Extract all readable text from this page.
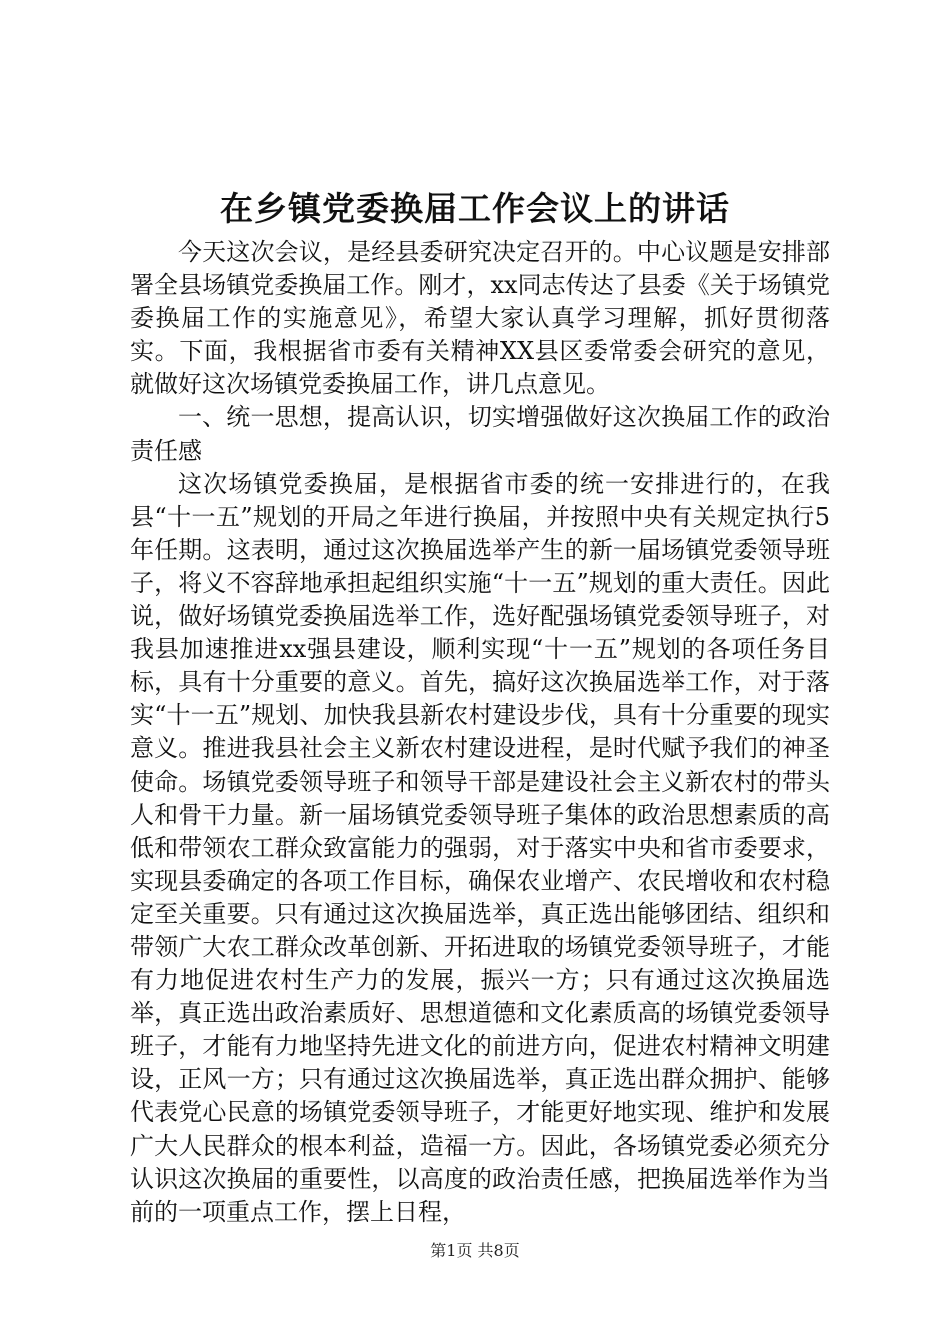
在乡镇党委换届工作会议上的讲话

今天这次会议，是经县委研究决定召开的。中心议题是安排部署全县场镇党委换届工作。刚才，xx同志传达了县委《关于场镇党委换届工作的实施意见》，希望大家认真学习理解，抓好贯彻落实。下面，我根据省市委有关精神XX县区委常委会研究的意见，就做好这次场镇党委换届工作，讲几点意见。

一、统一思想，提高认识，切实增强做好这次换届工作的政治责任感

这次场镇党委换届，是根据省市委的统一安排进行的，在我县“十一五”规划的开局之年进行换届，并按照中央有关规定执行5年任期。这表明，通过这次换届选举产生的新一届场镇党委领导班子，将义不容辞地承担起组织实施“十一五”规划的重大责任。因此说，做好场镇党委换届选举工作，选好配强场镇党委领导班子，对我县加速推进xx强县建设，顺利实现“十一五”规划的各项任务目标，具有十分重要的意义。首先，搞好这次换届选举工作，对于落实“十一五”规划、加快我县新农村建设步伐，具有十分重要的现实意义。推进我县社会主义新农村建设进程，是时代赋予我们的神圣使命。场镇党委领导班子和领导干部是建设社会主义新农村的带头人和骨干力量。新一届场镇党委领导班子集体的政治思想素质的高低和带领农工群众致富能力的强弱，对于落实中央和省市委要求，实现县委确定的各项工作目标，确保农业增产、农民增收和农村稳定至关重要。只有通过这次换届选举，真正选出能够团结、组织和带领广大农工群众改革创新、开拓进取的场镇党委领导班子，才能有力地促进农村生产力的发展，振兴一方；只有通过这次换届选举，真正选出政治素质好、思想道德和文化素质高的场镇党委领导班子，才能有力地坚持先进文化的前进方向，促进农村精神文明建设，正风一方；只有通过这次换届选举，真正选出群众拥护、能够代表党心民意的场镇党委领导班子，才能更好地实现、维护和发展广大人民群众的根本利益，造福一方。因此，各场镇党委必须充分认识这次换届的重要性，以高度的政治责任感，把换届选举作为当前的一项重点工作，摆上日程，

第1页 共8页
